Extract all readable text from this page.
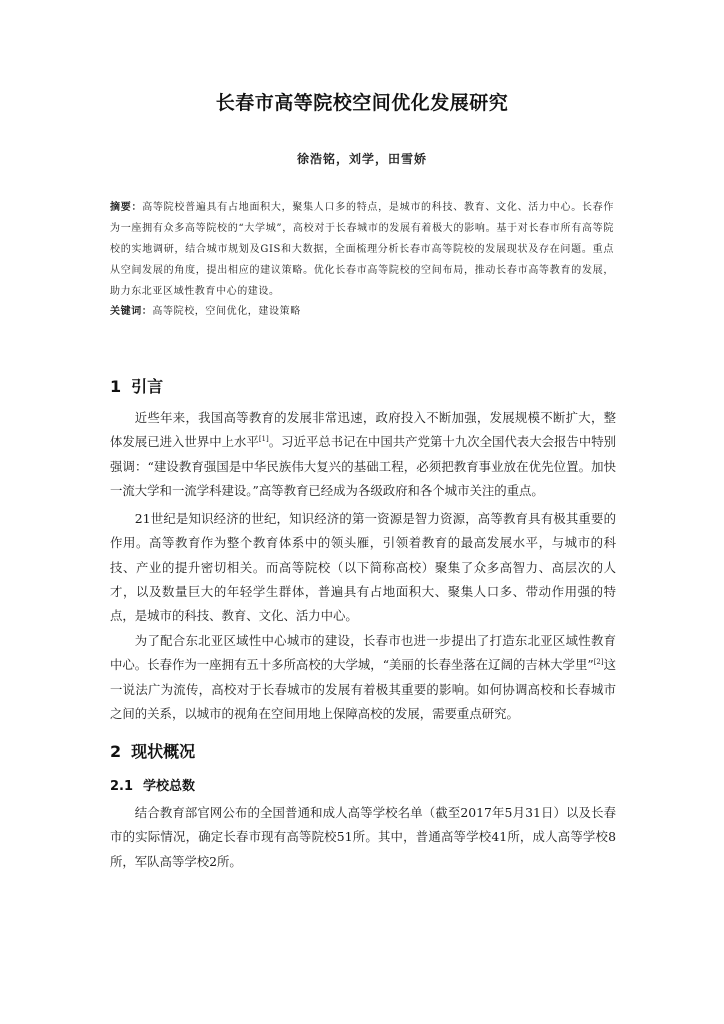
长春市高等院校空间优化发展研究
徐浩铭，刘学，田雪娇
摘要：高等院校普遍具有占地面积大，聚集人口多的特点，是城市的科技、教育、文化、活力中心。长春作为一座拥有众多高等院校的“大学城”，高校对于长春城市的发展有着极大的影响。基于对长春市所有高等院校的实地调研，结合城市规划及GIS和大数据，全面梳理分析长春市高等院校的发展现状及存在问题。重点从空间发展的角度，提出相应的建议策略。优化长春市高等院校的空间布局，推动长春市高等教育的发展，助力东北亚区域性教育中心的建设。
关键词：高等院校，空间优化，建设策略
1 引言
近些年来，我国高等教育的发展非常迅速，政府投入不断加强，发展规模不断扩大，整体发展已进入世界中上水平[1]。习近平总书记在中国共产党第十九次全国代表大会报告中特别强调：“建设教育强国是中华民族伟大复兴的基础工程，必须把教育事业放在优先位置。加快一流大学和一流学科建设。”高等教育已经成为各级政府和各个城市关注的重点。
21世纪是知识经济的世纪，知识经济的第一资源是智力资源，高等教育具有极其重要的作用。高等教育作为整个教育体系中的领头雁，引领着教育的最高发展水平，与城市的科技、产业的提升密切相关。而高等院校（以下简称高校）聚集了众多高智力、高层次的人才，以及数量巨大的年轻学生群体，普遍具有占地面积大、聚集人口多、带动作用强的特点，是城市的科技、教育、文化、活力中心。
为了配合东北亚区域性中心城市的建设，长春市也进一步提出了打造东北亚区域性教育中心。长春作为一座拥有五十多所高校的大学城，“美丽的长春坐落在辽阔的吉林大学里”[2]这一说法广为流传，高校对于长春城市的发展有着极其重要的影响。如何协调高校和长春城市之间的关系，以城市的视角在空间用地上保障高校的发展，需要重点研究。
2 现状概况
2.1 学校总数
结合教育部官网公布的全国普通和成人高等学校名单（截至2017年5月31日）以及长春市的实际情况，确定长春市现有高等院校51所。其中，普通高等学校41所，成人高等学校8所，军队高等学校2所。
